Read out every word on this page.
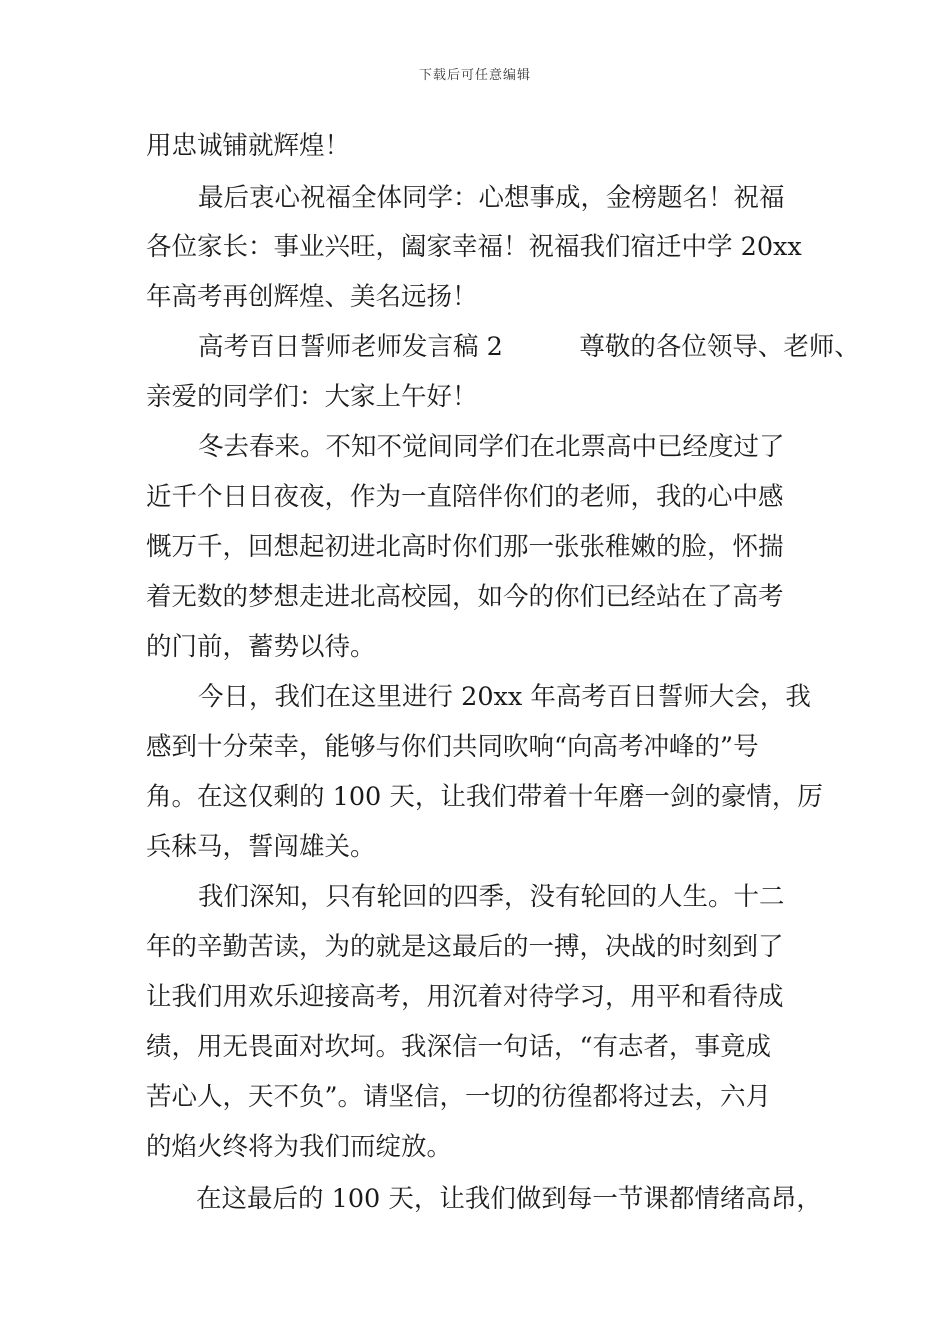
下载后可任意编辑
用忠诚铺就辉煌！
最后衷心祝福全体同学：心想事成，金榜题名！祝福
各位家长：事业兴旺，阖家幸福！祝福我们宿迁中学 20xx
年高考再创辉煌、美名远扬！
高考百日誓师老师发言稿 2　　　尊敬的各位领导、老师、
亲爱的同学们：大家上午好！
冬去春来。不知不觉间同学们在北票高中已经度过了
近千个日日夜夜，作为一直陪伴你们的老师，我的心中感
慨万千，回想起初进北高时你们那一张张稚嫩的脸，怀揣
着无数的梦想走进北高校园，如今的你们已经站在了高考
的门前，蓄势以待。
今日，我们在这里进行 20xx 年高考百日誓师大会，我
感到十分荣幸，能够与你们共同吹响“向高考冲峰的”号
角。在这仅剩的 100 天，让我们带着十年磨一剑的豪情，厉
兵秣马，誓闯雄关。
我们深知，只有轮回的四季，没有轮回的人生。十二
年的辛勤苦读，为的就是这最后的一搏，决战的时刻到了
让我们用欢乐迎接高考，用沉着对待学习，用平和看待成
绩，用无畏面对坎坷。我深信一句话，“有志者，事竟成
苦心人，天不负”。请坚信，一切的彷徨都将过去，六月
的焰火终将为我们而绽放。
在这最后的 100 天，让我们做到每一节课都情绪高昂，
